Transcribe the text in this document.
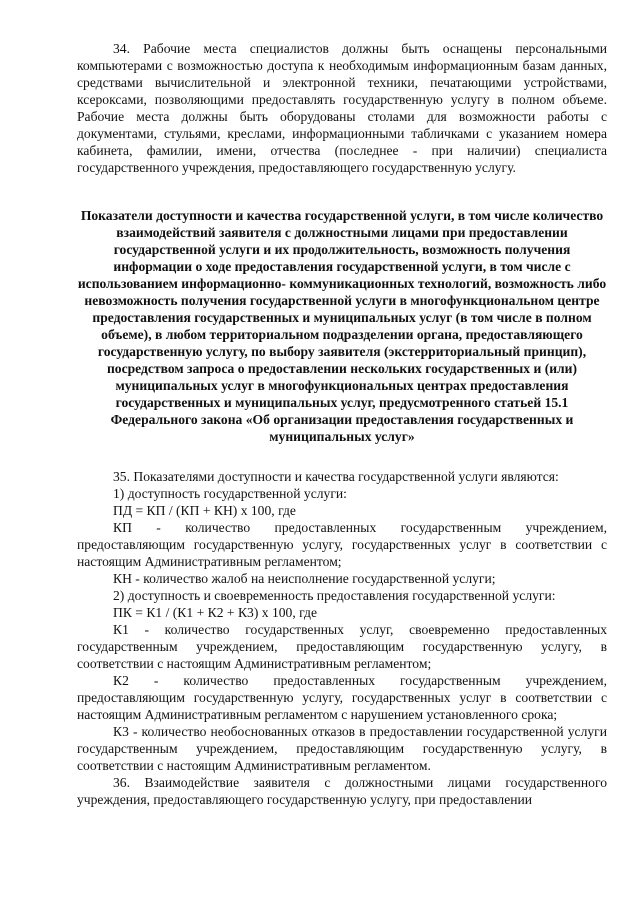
34. Рабочие места специалистов должны быть оснащены персональными компьютерами с возможностью доступа к необходимым информационным базам данных, средствами вычислительной и электронной техники, печатающими устройствами, ксероксами, позволяющими предоставлять государственную услугу в полном объеме. Рабочие места должны быть оборудованы столами для возможности работы с документами, стульями, креслами, информационными табличками с указанием номера кабинета, фамилии, имени, отчества (последнее - при наличии) специалиста государственного учреждения, предоставляющего государственную услугу.

Показатели доступности и качества государственной услуги, в том числе количество взаимодействий заявителя с должностными лицами при предоставлении государственной услуги и их продолжительность, возможность получения информации о ходе предоставления государственной услуги, в том числе с использованием информационно- коммуникационных технологий, возможность либо невозможность получения государственной услуги в многофункциональном центре предоставления государственных и муниципальных услуг (в том числе в полном объеме), в любом территориальном подразделении органа, предоставляющего государственную услугу, по выбору заявителя (экстерриториальный принцип), посредством запроса о предоставлении нескольких государственных и (или) муниципальных услуг в многофункциональных центрах предоставления государственных и муниципальных услуг, предусмотренного статьей 15.1 Федерального закона «Об организации предоставления государственных и муниципальных услуг»

35. Показателями доступности и качества государственной услуги являются:

1) доступность государственной услуги:

ПД = КП / (КП + КН) х 100, где

КП - количество предоставленных государственным учреждением, предоставляющим государственную услугу, государственных услуг в соответствии с настоящим Административным регламентом;

КН - количество жалоб на неисполнение государственной услуги;

2) доступность и своевременность предоставления государственной услуги:

ПК = К1 / (К1 + К2 + К3) х 100, где

К1 - количество государственных услуг, своевременно предоставленных государственным учреждением, предоставляющим государственную услугу, в соответствии с настоящим Административным регламентом;

К2 - количество предоставленных государственным учреждением, предоставляющим государственную услугу, государственных услуг в соответствии с настоящим Административным регламентом с нарушением установленного срока;

К3 - количество необоснованных отказов в предоставлении государственной услуги государственным учреждением, предоставляющим государственную услугу, в соответствии с настоящим Административным регламентом.

36. Взаимодействие заявителя с должностными лицами государственного учреждения, предоставляющего государственную услугу, при предоставлении
